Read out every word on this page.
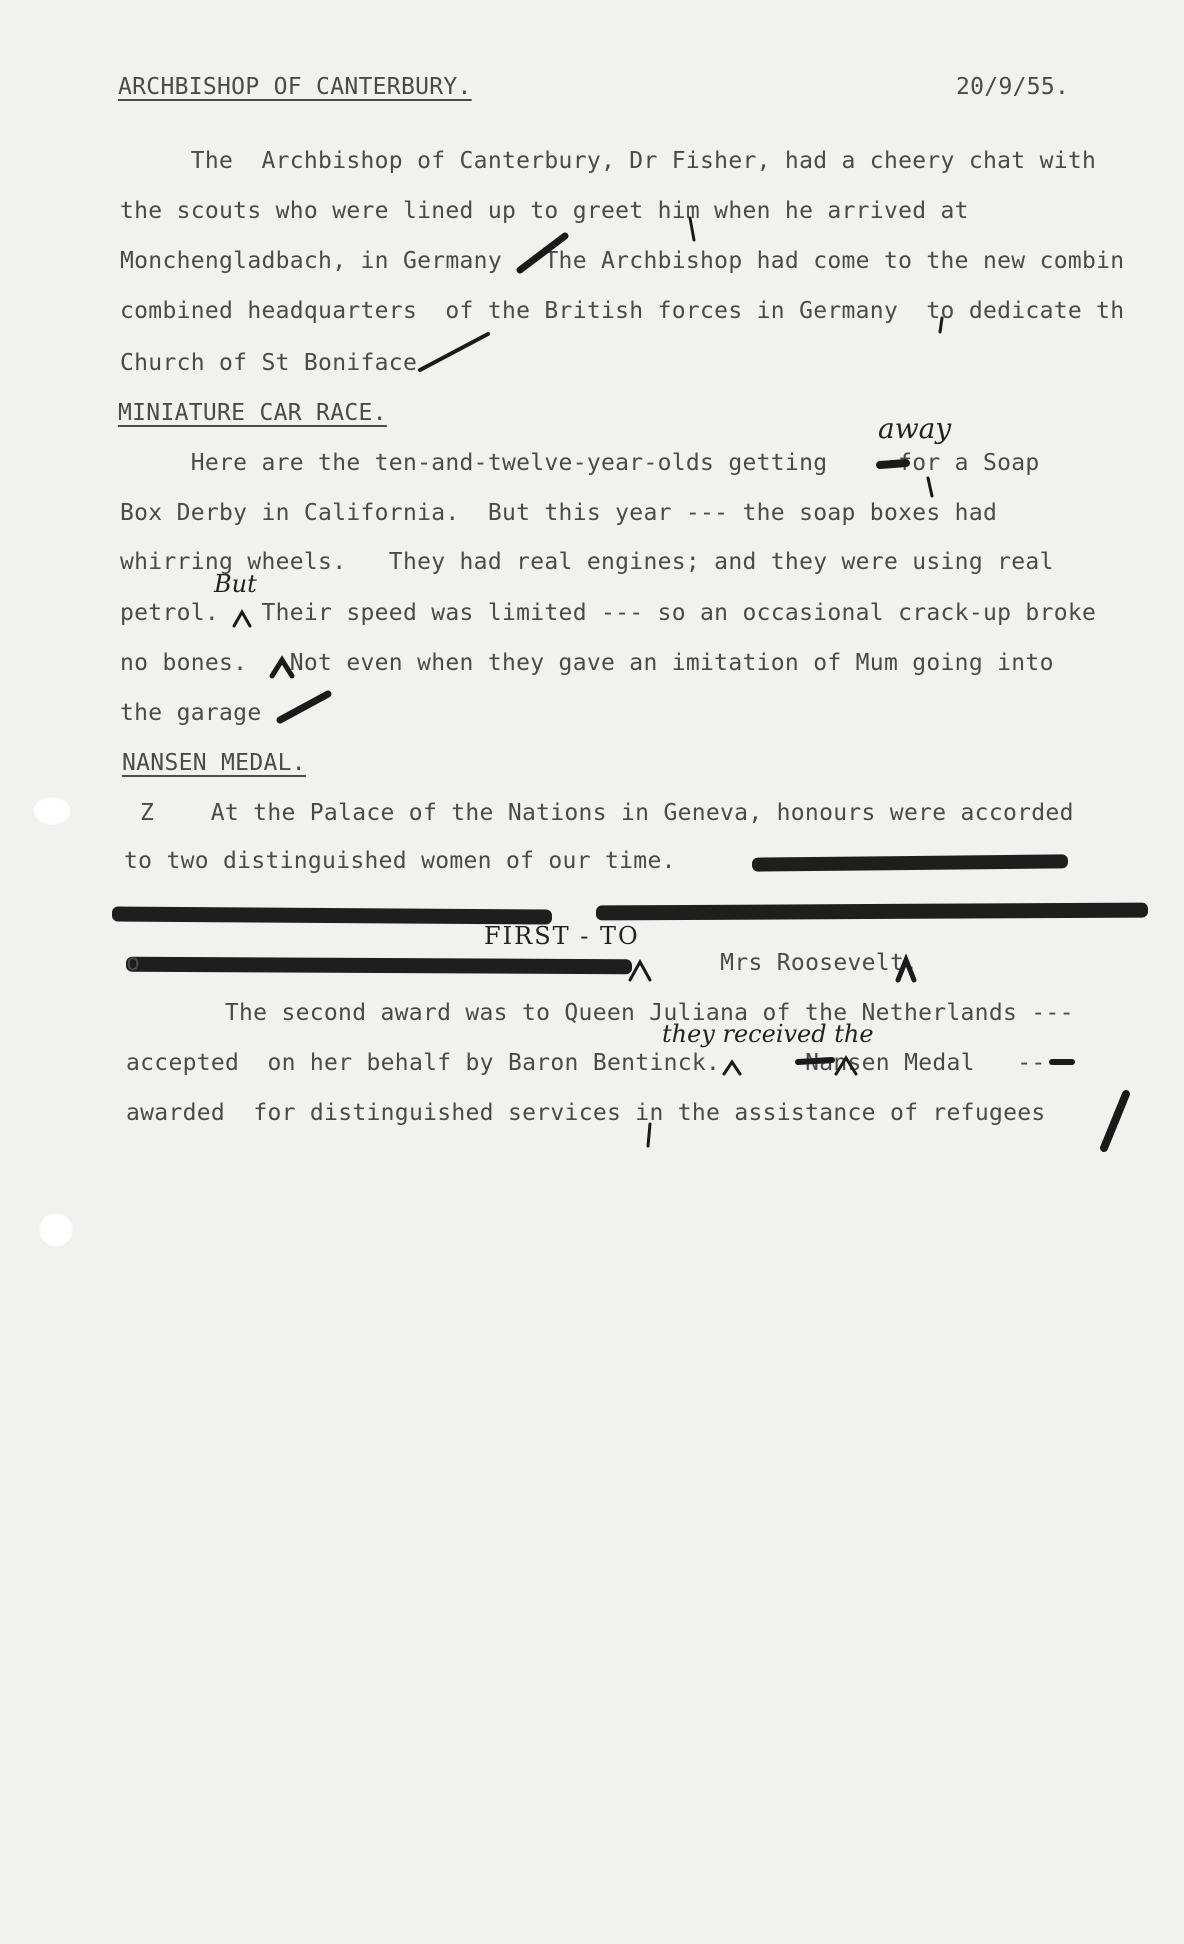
ARCHBISHOP OF CANTERBURY.	20/9/55.
The  Archbishop of Canterbury, Dr Fisher, had a cheery chat with
the scouts who were lined up to greet him when he arrived at
Monchengladbach, in Germany   The Archbishop had come to the new combin
combined headquarters  of the British forces in Germany  to dedicate th
Church of St Boniface
MINIATURE CAR RACE.	away
Here are the ten-and-twelve-year-olds getting     for a Soap
Box Derby in California.  But this year --- the soap boxes had
whirring wheels.   They had real engines; and they were using real
But
petrol.   Their speed was limited --- so an occasional crack-up broke
no bones.   Not even when they gave an imitation of Mum going into
the garage
NANSEN MEDAL.
Z    At the Palace of the Nations in Geneva, honours were accorded
to two distinguished women of our time.
FIRST - TO
o                                         Mrs Roosevelt.
The second award was to Queen Juliana of the Netherlands ---
they received the
accepted  on her behalf by Baron Bentinck.      Nansen Medal   ---
awarded  for distinguished services in the assistance of refugees
